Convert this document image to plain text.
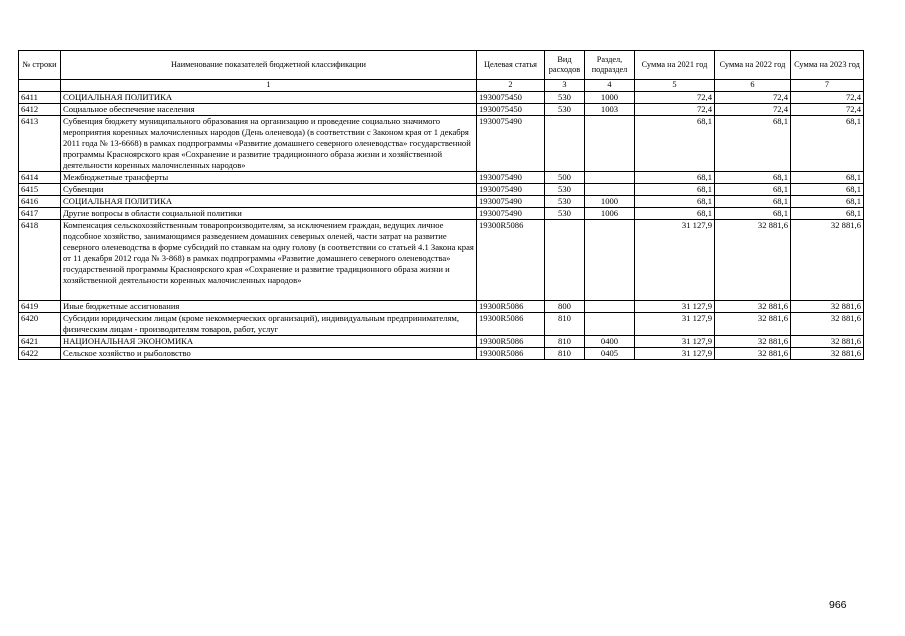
№ строки	Наименование показателей бюджетной классификации	Целевая статья	Вид расходов	Раздел, подраздел	Сумма на 2021 год	Сумма на 2022 год	Сумма на 2023 год
	1	2	3	4	5	6	7
6411	СОЦИАЛЬНАЯ ПОЛИТИКА	1930075450	530	1000	72,4	72,4	72,4
6412	Социальное обеспечение населения	1930075450	530	1003	72,4	72,4	72,4
6413	Субвенция бюджету муниципального образования на организацию и проведение социально значимого мероприятия коренных малочисленных народов (День оленевода) (в соответствии с Законом края от 1 декабря 2011 года № 13-6668) в рамках подпрограммы «Развитие домашнего северного оленеводства» государственной программы Красноярского края «Сохранение и развитие традиционного образа жизни и хозяйственной деятельности коренных малочисленных народов»	1930075490			68,1	68,1	68,1
6414	Межбюджетные трансферты	1930075490	500		68,1	68,1	68,1
6415	Субвенции	1930075490	530		68,1	68,1	68,1
6416	СОЦИАЛЬНАЯ ПОЛИТИКА	1930075490	530	1000	68,1	68,1	68,1
6417	Другие вопросы в области социальной политики	1930075490	530	1006	68,1	68,1	68,1
6418	Компенсация сельскохозяйственным товаропроизводителям, за исключением граждан, ведущих личное подсобное хозяйство, занимающимся разведением домашних северных оленей, части затрат на развитие северного оленеводства в форме субсидий по ставкам на одну голову (в соответствии со статьей 4.1 Закона края от 11 декабря 2012 года № 3-868) в рамках подпрограммы «Развитие домашнего северного оленеводства» государственной программы Красноярского края «Сохранение и развитие традиционного образа жизни и хозяйственной деятельности коренных малочисленных народов»	19300R5086			31 127,9	32 881,6	32 881,6
6419	Иные бюджетные ассигнования	19300R5086	800		31 127,9	32 881,6	32 881,6
6420	Субсидии юридическим лицам (кроме некоммерческих организаций), индивидуальным предпринимателям, физическим лицам - производителям товаров, работ, услуг	19300R5086	810		31 127,9	32 881,6	32 881,6
6421	НАЦИОНАЛЬНАЯ ЭКОНОМИКА	19300R5086	810	0400	31 127,9	32 881,6	32 881,6
6422	Сельское хозяйство и рыболовство	19300R5086	810	0405	31 127,9	32 881,6	32 881,6
966
